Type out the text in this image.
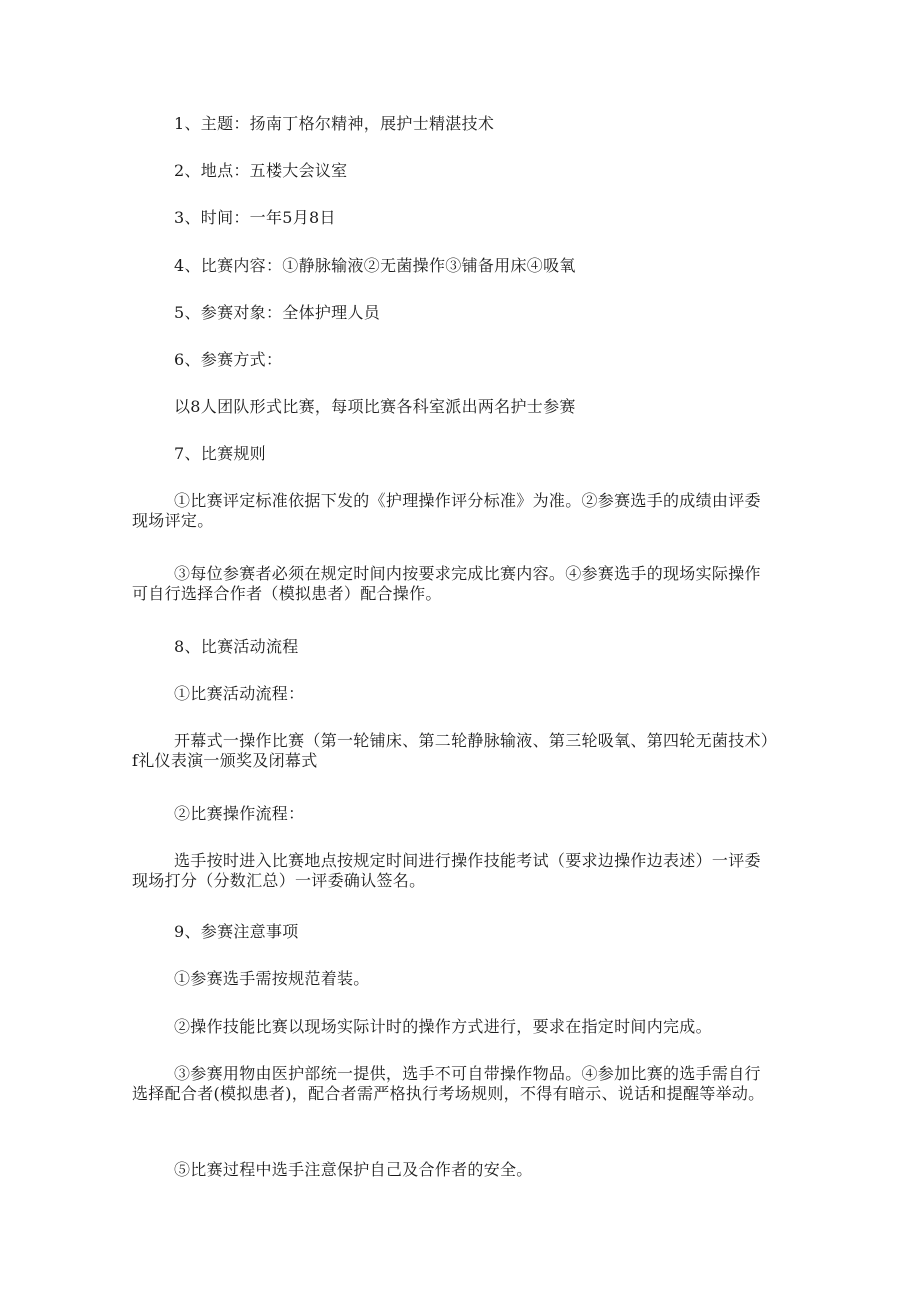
1、主题：扬南丁格尔精神，展护士精湛技术

2、地点：五楼大会议室

3、时间：一年5月8日

4、比赛内容：①静脉输液②无菌操作③铺备用床④吸氧

5、参赛对象：全体护理人员

6、参赛方式：

以8人团队形式比赛，每项比赛各科室派出两名护士参赛

7、比赛规则

①比赛评定标准依据下发的《护理操作评分标准》为准。②参赛选手的成绩由评委现场评定。

③每位参赛者必须在规定时间内按要求完成比赛内容。④参赛选手的现场实际操作可自行选择合作者（模拟患者）配合操作。

8、比赛活动流程

①比赛活动流程：

开幕式一操作比赛（第一轮铺床、第二轮静脉输液、第三轮吸氧、第四轮无菌技术）f礼仪表演一颁奖及闭幕式

②比赛操作流程：

选手按时进入比赛地点按规定时间进行操作技能考试（要求边操作边表述）一评委现场打分（分数汇总）一评委确认签名。

9、参赛注意事项

①参赛选手需按规范着装。

②操作技能比赛以现场实际计时的操作方式进行，要求在指定时间内完成。

③参赛用物由医护部统一提供，选手不可自带操作物品。④参加比赛的选手需自行选择配合者(模拟患者)，配合者需严格执行考场规则，不得有暗示、说话和提醒等举动。

⑤比赛过程中选手注意保护自己及合作者的安全。
